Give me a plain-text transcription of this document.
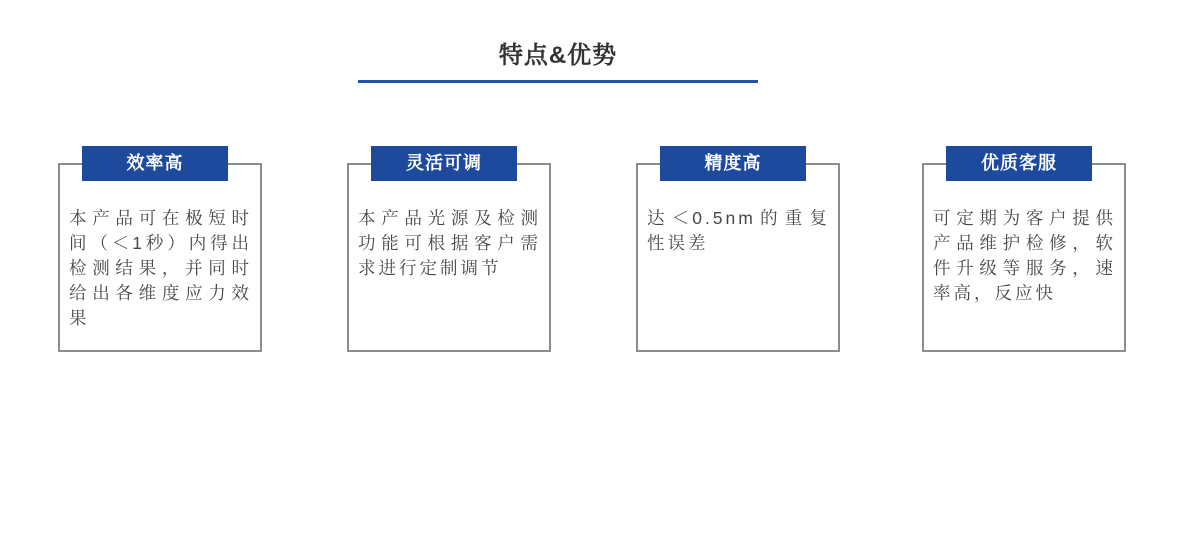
特点&优势
效率高

本产品可在极短时间（＜1秒）内得出检测结果，并同时给出各维度应力效果

灵活可调

本产品光源及检测功能可根据客户需求进行定制调节

精度高

达＜0.5nm的重复性误差

优质客服

可定期为客户提供产品维护检修，软件升级等服务，速率高，反应快
